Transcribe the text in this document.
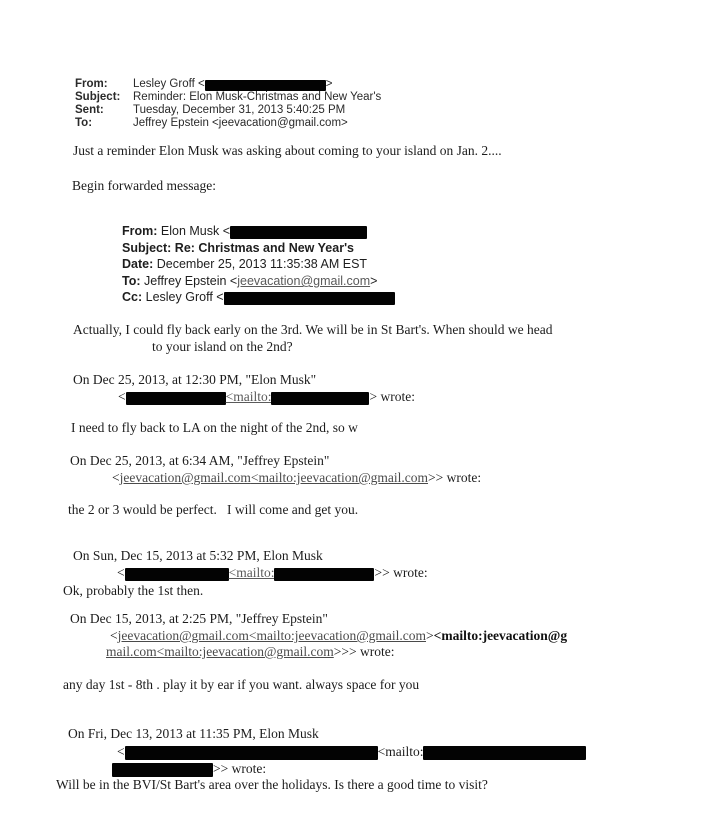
From: Lesley Groff <	>
Subject: Reminder: Elon Musk-Christmas and New Year's
Sent:	Tuesday, December 31, 2013 5:40:25 PM
To:	Jeffrey Epstein <jeevacation@gmail.com>
Just a reminder Elon Musk was asking about coming to your island on Jan. 2....
Begin forwarded message:
From: Elon Musk <
Subject: Re: Christmas and New Year's
Date: December 25, 2013 11:35:38 AM EST
To: Jeffrey Epstein <jeevacation@gmail.com>
Cc: Lesley Groff <
Actually, I could fly back early on the 3rd. We will be in St Bart's. When should we head
to your island on the 2nd?
On Dec 25, 2013, at 12:30 PM, "Elon Musk"
<	<mailto:	> wrote:
I need to fly back to LA on the night of the 2nd, so w
On Dec 25, 2013, at 6:34 AM, "Jeffrey Epstein"
<jeevacation@gmail.com<mailto:jeevacation@gmail.com>> wrote:
the 2 or 3 would be perfect.   I will come and get you.
On Sun, Dec 15, 2013 at 5:32 PM, Elon Musk
<	<mailto:	>> wrote:
Ok, probably the 1st then.
On Dec 15, 2013, at 2:25 PM, "Jeffrey Epstein"
<jeevacation@gmail.com<mailto:jeevacation@gmail.com><mailto:jeevacation@g
mail.com<mailto:jeevacation@gmail.com>>> wrote:
any day 1st - 8th . play it by ear if you want. always space for you
On Fri, Dec 13, 2013 at 11:35 PM, Elon Musk
<	<mailto:
>> wrote:
Will be in the BVI/St Bart's area over the holidays. Is there a good time to visit?
